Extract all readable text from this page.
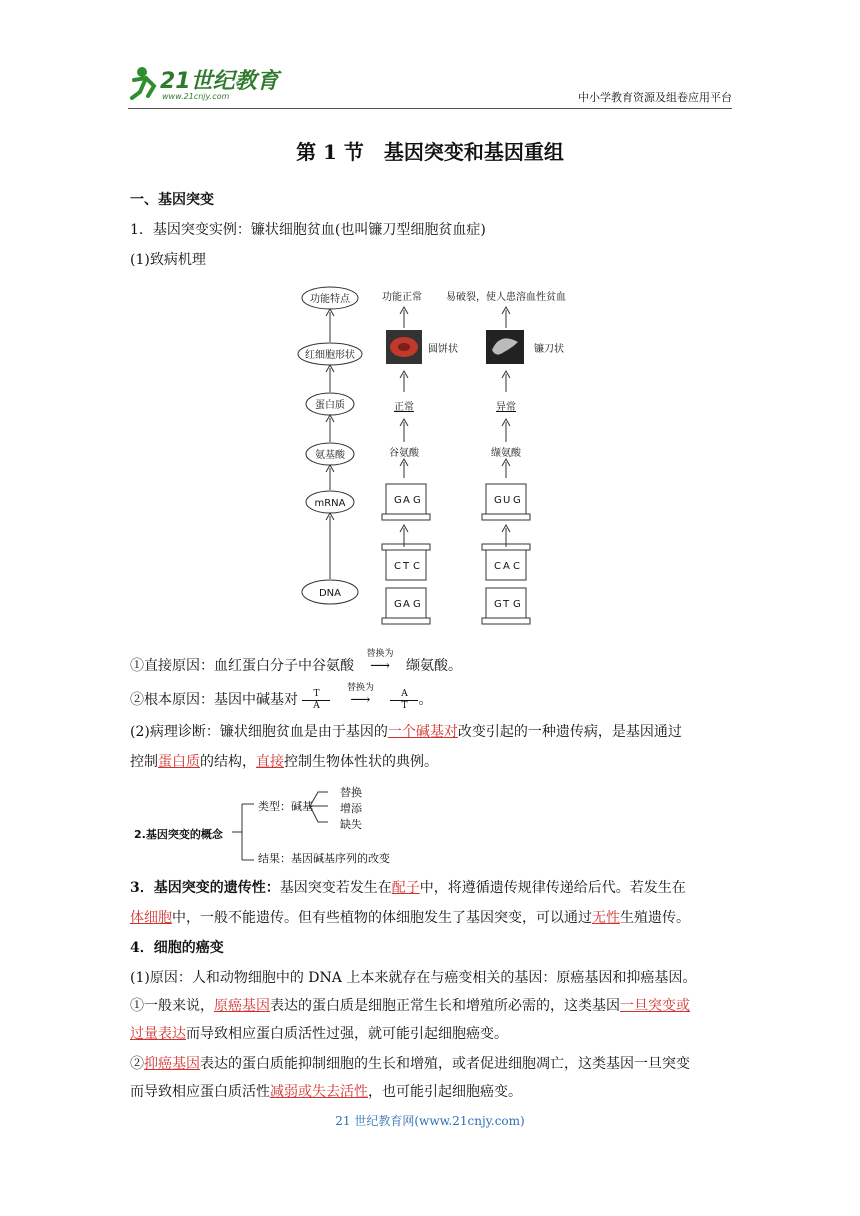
21世纪教育
www.21cnjy.com	中小学教育资源及组卷应用平台
第 1 节　基因突变和基因重组
一、基因突变
1．基因突变实例：镰状细胞贫血(也叫镰刀型细胞贫血症)
(1)致病机理
功能特点
红细胞形状
蛋白质
氨基酸
mRNA
DNA
功能正常
圆饼状
正常
谷氨酸
G A G
C T C
G A G
易破裂，使人患溶血性贫血
镰刀状
异常
缬氨酸
G U G
C A C
G T G
①直接原因：血红蛋白分子中谷氨酸
替换为
⟶ 缬氨酸。
②根本原因：基因中碱基对 $\frac{T}{A}$
替换为
⟶ $\frac{A}{T}$ 。
(2)病理诊断：镰状细胞贫血是由于基因的一个碱基对改变引起的一种遗传病，是基因通过
控制蛋白质的结构，直接控制生物体性状的典例。
2.基因突变的概念
类型：碱基
替换
增添
缺失
结果：基因碱基序列的改变
3．基因突变的遗传性：基因突变若发生在配子中，将遵循遗传规律传递给后代。若发生在
体细胞中，一般不能遗传。但有些植物的体细胞发生了基因突变，可以通过无性生殖遗传。
4．细胞的癌变
(1)原因：人和动物细胞中的 DNA 上本来就存在与癌变相关的基因：原癌基因和抑癌基因。
①一般来说，原癌基因表达的蛋白质是细胞正常生长和增殖所必需的，这类基因一旦突变或
过量表达而导致相应蛋白质活性过强，就可能引起细胞癌变。
②抑癌基因表达的蛋白质能抑制细胞的生长和增殖，或者促进细胞凋亡，这类基因一旦突变
而导致相应蛋白质活性减弱或失去活性，也可能引起细胞癌变。
21 世纪教育网(www.21cnjy.com)
